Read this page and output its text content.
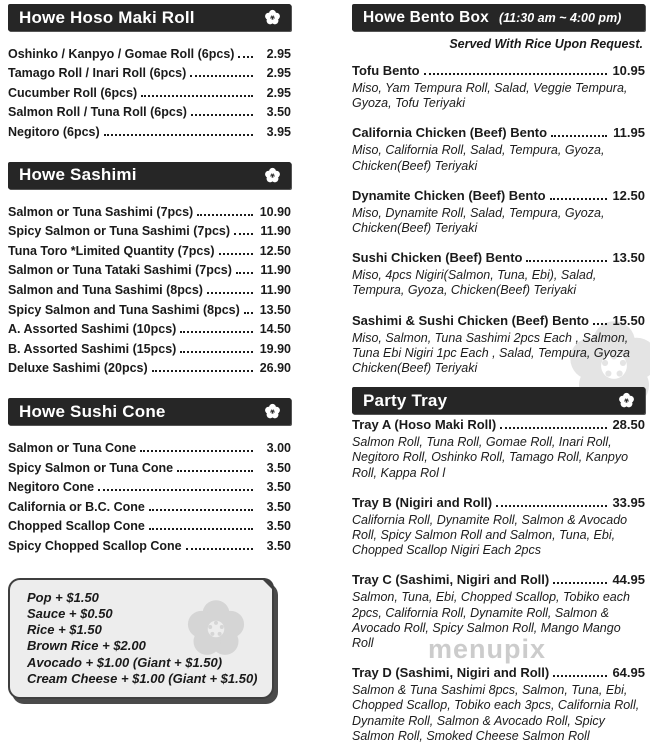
menupix
Howe Hoso Maki Roll
Oshinko / Kanpyo / Gomae Roll (6pcs)	2.95
Tamago Roll / Inari Roll (6pcs)	2.95
Cucumber Roll (6pcs)	2.95
Salmon Roll / Tuna Roll (6pcs)	3.50
Negitoro (6pcs)	3.95
Howe Sashimi
Salmon or Tuna Sashimi (7pcs)	10.90
Spicy Salmon or Tuna Sashimi (7pcs) 11.90
Tuna Toro *Limited Quantity (7pcs)	12.50
Salmon or Tuna Tataki Sashimi (7pcs) 11.90
Salmon and Tuna Sashimi (8pcs)	11.90
Spicy Salmon and Tuna Sashimi (8pcs) 13.50
A. Assorted Sashimi (10pcs)	14.50
B. Assorted Sashimi (15pcs)	19.90
Deluxe Sashimi (20pcs)	26.90
Howe Sushi Cone
Salmon or Tuna Cone	3.00
Spicy Salmon or Tuna Cone	3.50
Negitoro Cone	3.50
California or B.C. Cone	3.50
Chopped Scallop Cone	3.50
Spicy Chopped Scallop Cone	3.50
Pop + $1.50
Sauce + $0.50
Rice + $1.50
Brown Rice + $2.00
Avocado + $1.00 (Giant + $1.50)
Cream Cheese + $1.00 (Giant + $1.50)
Howe Bento Box (11:30 am ~ 4:00 pm)
Served With Rice Upon Request.
Tofu Bento	10.95
Miso, Yam Tempura Roll, Salad, Veggie Tempura, Gyoza, Tofu Teriyaki
California Chicken (Beef) Bento	11.95
Miso, California Roll, Salad, Tempura, Gyoza, Chicken(Beef) Teriyaki
Dynamite Chicken (Beef) Bento	12.50
Miso, Dynamite Roll, Salad, Tempura, Gyoza, Chicken(Beef) Teriyaki
Sushi Chicken (Beef) Bento	13.50
Miso, 4pcs Nigiri(Salmon, Tuna, Ebi), Salad, Tempura, Gyoza, Chicken(Beef) Teriyaki
Sashimi & Sushi Chicken (Beef) Bento 15.50
Miso, Salmon, Tuna Sashimi 2pcs Each , Salmon, Tuna Ebi Nigiri 1pc Each , Salad, Tempura, Gyoza Chicken(Beef) Teriyaki
Party Tray
Tray A (Hoso Maki Roll)	28.50
Salmon Roll, Tuna Roll, Gomae Roll, Inari Roll, Negitoro Roll, Oshinko Roll, Tamago Roll, Kanpyo Roll, Kappa Rol l
Tray B (Nigiri and Roll)	33.95
California Roll, Dynamite Roll, Salmon & Avocado Roll, Spicy Salmon Roll and Salmon, Tuna, Ebi, Chopped Scallop Nigiri Each 2pcs
Tray C (Sashimi, Nigiri and Roll)	44.95
Salmon, Tuna, Ebi, Chopped Scallop, Tobiko each 2pcs, California Roll, Dynamite Roll, Salmon & Avocado Roll, Spicy Salmon Roll, Mango Mango Roll
Tray D (Sashimi, Nigiri and Roll)	64.95
Salmon & Tuna Sashimi 8pcs, Salmon, Tuna, Ebi, Chopped Scallop, Tobiko each 3pcs, California Roll, Dynamite Roll, Salmon & Avocado Roll, Spicy Salmon Roll, Smoked Cheese Salmon Roll
